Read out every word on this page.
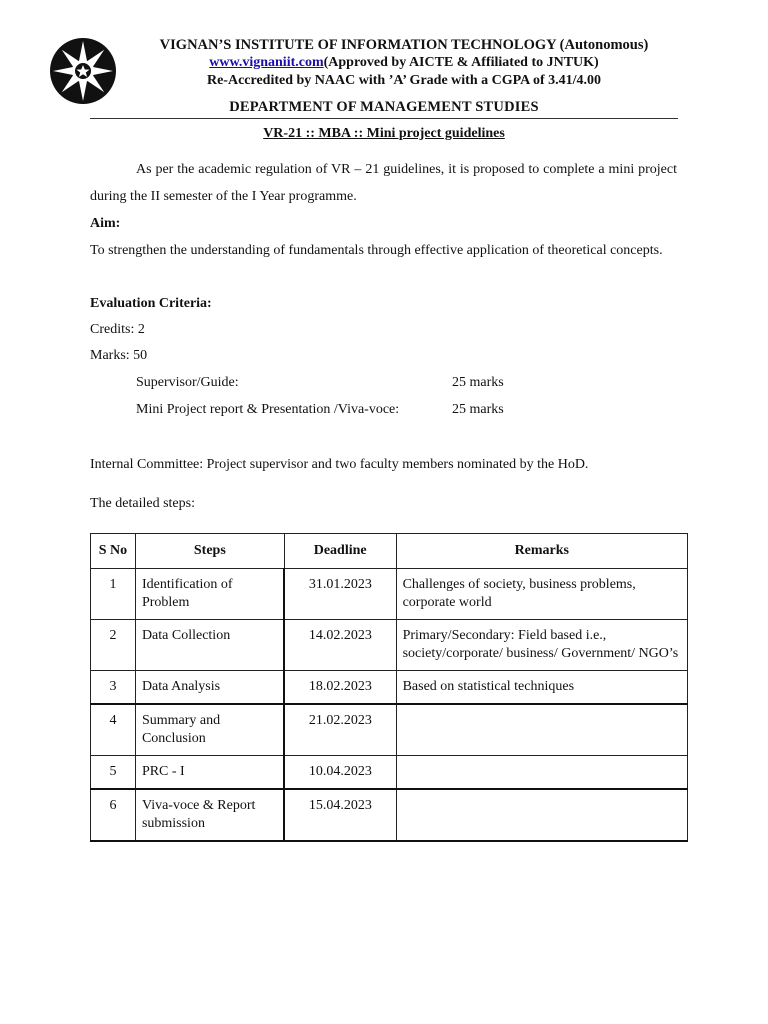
VIGNAN’S INSTITUTE OF INFORMATION TECHNOLOGY (Autonomous)
www.vignaniit.com(Approved by AICTE & Affiliated to JNTUK)
Re-Accredited by NAAC with ’A’ Grade with a CGPA of 3.41/4.00
DEPARTMENT OF MANAGEMENT STUDIES
VR-21 :: MBA :: Mini project guidelines
As per the academic regulation of VR – 21 guidelines, it is proposed to complete a mini project during the II semester of the I Year programme.
Aim:
To strengthen the understanding of fundamentals through effective application of theoretical concepts.
Evaluation Criteria:
Credits: 2
Marks: 50
Supervisor/Guide:	25 marks
Mini Project report & Presentation /Viva-voce:	25 marks
Internal Committee: Project supervisor and two faculty members nominated by the HoD.
The detailed steps:
S No	Steps	Deadline	Remarks
1	Identification of Problem	31.01.2023	Challenges of society, business problems, corporate world
2	Data Collection	14.02.2023	Primary/Secondary: Field based i.e., society/corporate/ business/ Government/ NGO’s
3	Data Analysis	18.02.2023	Based on statistical techniques
4	Summary and Conclusion	21.02.2023	
5	PRC - I	10.04.2023	
6	Viva-voce & Report submission	15.04.2023	
